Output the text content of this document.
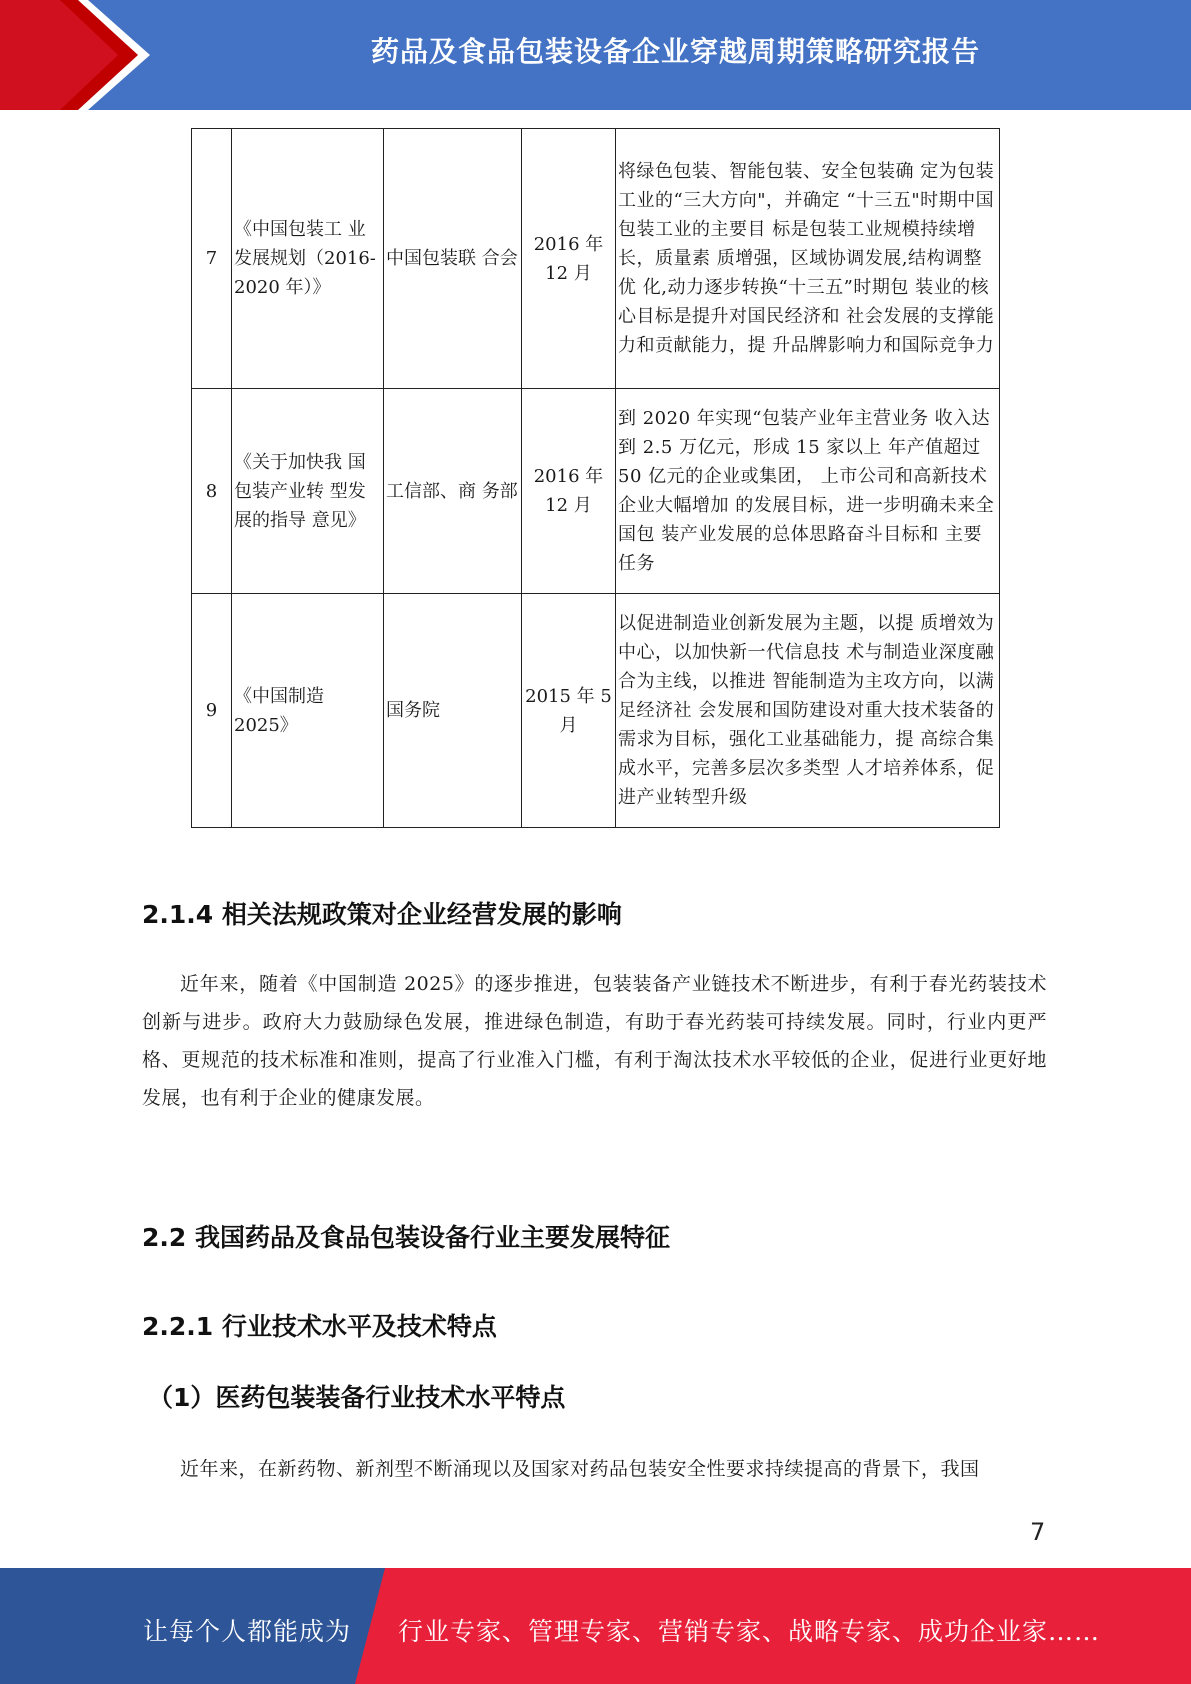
药品及食品包装设备企业穿越周期策略研究报告
7	《中国包装工 业发展规划（2016-2020 年）》	中国包装联 合会	2016 年 12 月	将绿色包装、智能包装、安全包装确 定为包装工业的“三大方向"，并确定 “十三五"时期中国包装工业的主要目 标是包装工业规模持续增长，质量素 质增强，区域协调发展,结构调整优 化,动力逐步转换“十三五”时期包 装业的核心目标是提升对国民经济和 社会发展的支撑能力和贡献能力，提 升品牌影响力和国际竞争力
8	《关于加快我 国包装产业转 型发展的指导 意见》	工信部、商 务部	2016 年 12 月	到 2020 年实现“包装产业年主营业务 收入达到 2.5 万亿元，形成 15 家以上 年产值超过 50 亿元的企业或集团， 上市公司和高新技术企业大幅增加 的发展目标，进一步明确未来全国包 装产业发展的总体思路奋斗目标和 主要任务
9	《中国制造 2025》	国务院	2015 年 5 月	以促进制造业创新发展为主题，以提 质增效为中心，以加快新一代信息技 术与制造业深度融合为主线，以推进 智能制造为主攻方向，以满足经济社 会发展和国防建设对重大技术装备的 需求为目标，强化工业基础能力，提 高综合集成水平，完善多层次多类型 人才培养体系，促进产业转型升级
2.1.4 相关法规政策对企业经营发展的影响
近年来，随着《中国制造 2025》的逐步推进，包装装备产业链技术不断进步，有利于春光药装技术创新与进步。政府大力鼓励绿色发展，推进绿色制造，有助于春光药装可持续发展。同时，行业内更严格、更规范的技术标准和准则，提高了行业准入门槛，有利于淘汰技术水平较低的企业，促进行业更好地发展，也有利于企业的健康发展。
2.2 我国药品及食品包装设备行业主要发展特征
2.2.1 行业技术水平及技术特点
（1）医药包装装备行业技术水平特点
近年来，在新药物、新剂型不断涌现以及国家对药品包装安全性要求持续提高的背景下，我国
7
让每个人都能成为 行业专家、管理专家、营销专家、战略专家、成功企业家……
